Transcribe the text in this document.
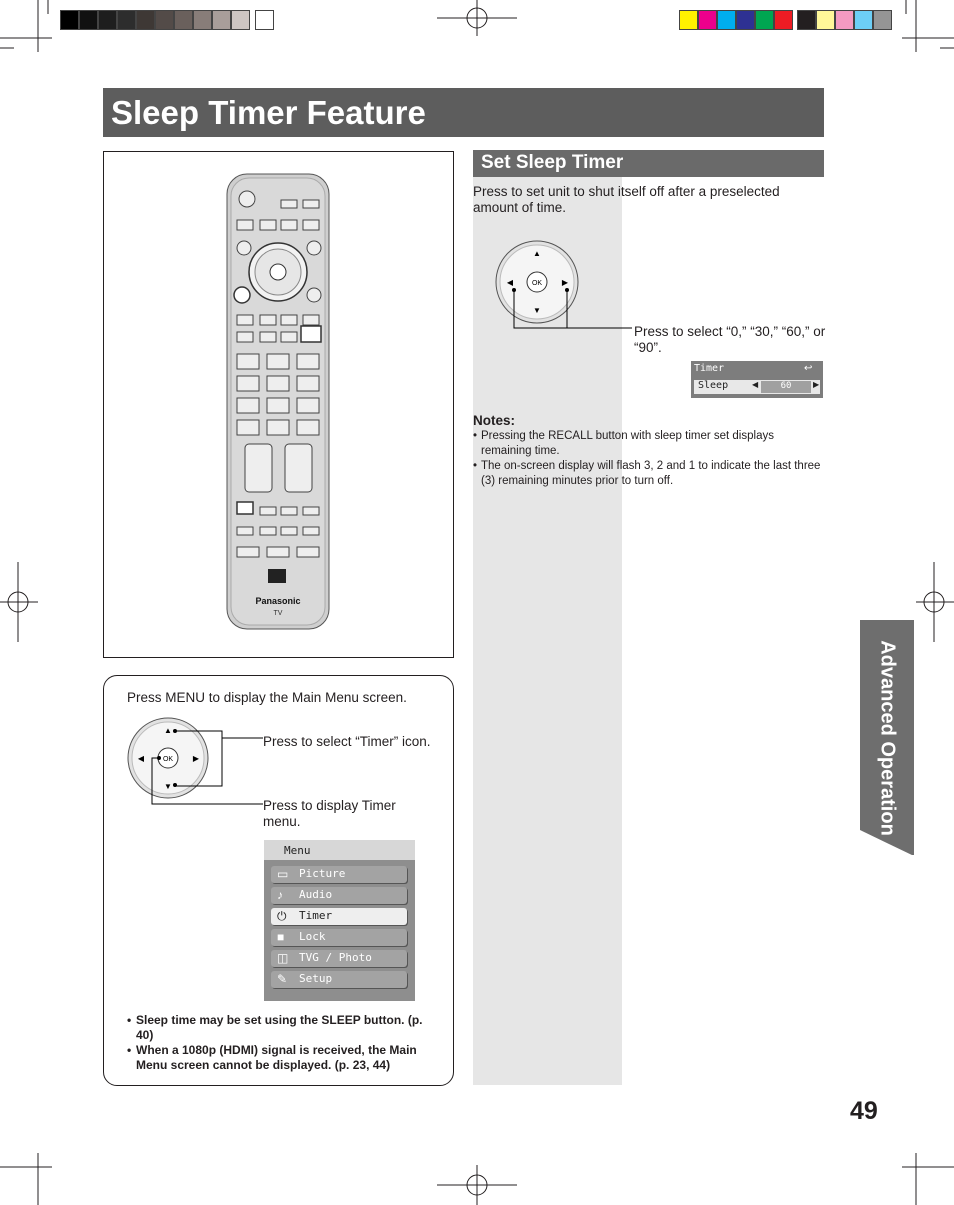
Sleep Timer Feature
Panasonic
TV
Press MENU to display the Main Menu screen.
OK
▲
▼
◀	▶
Press to select “Timer” icon.
Press to display Timer menu.
Menu
▭ Picture
♪ Audio
⏻ Timer
■ Lock
◫ TVG / Photo
✎ Setup
• Sleep time may be set using the SLEEP button. (p. 40)
• When a 1080p (HDMI) signal is received, the Main Menu screen cannot be displayed. (p. 23, 44)
Set Sleep Timer
Press to set unit to shut itself off after a preselected amount of time.
OK
▲
▼
◀	▶
Press to select “0,” “30,” “60,” or “90”.
Timer	↩
Sleep	◀	60	▶
Notes:
• Pressing the RECALL button with sleep timer set displays remaining time.
• The on-screen display will flash 3, 2 and 1 to indicate the last three (3) remaining minutes prior to turn off.
Advanced Operation
49
